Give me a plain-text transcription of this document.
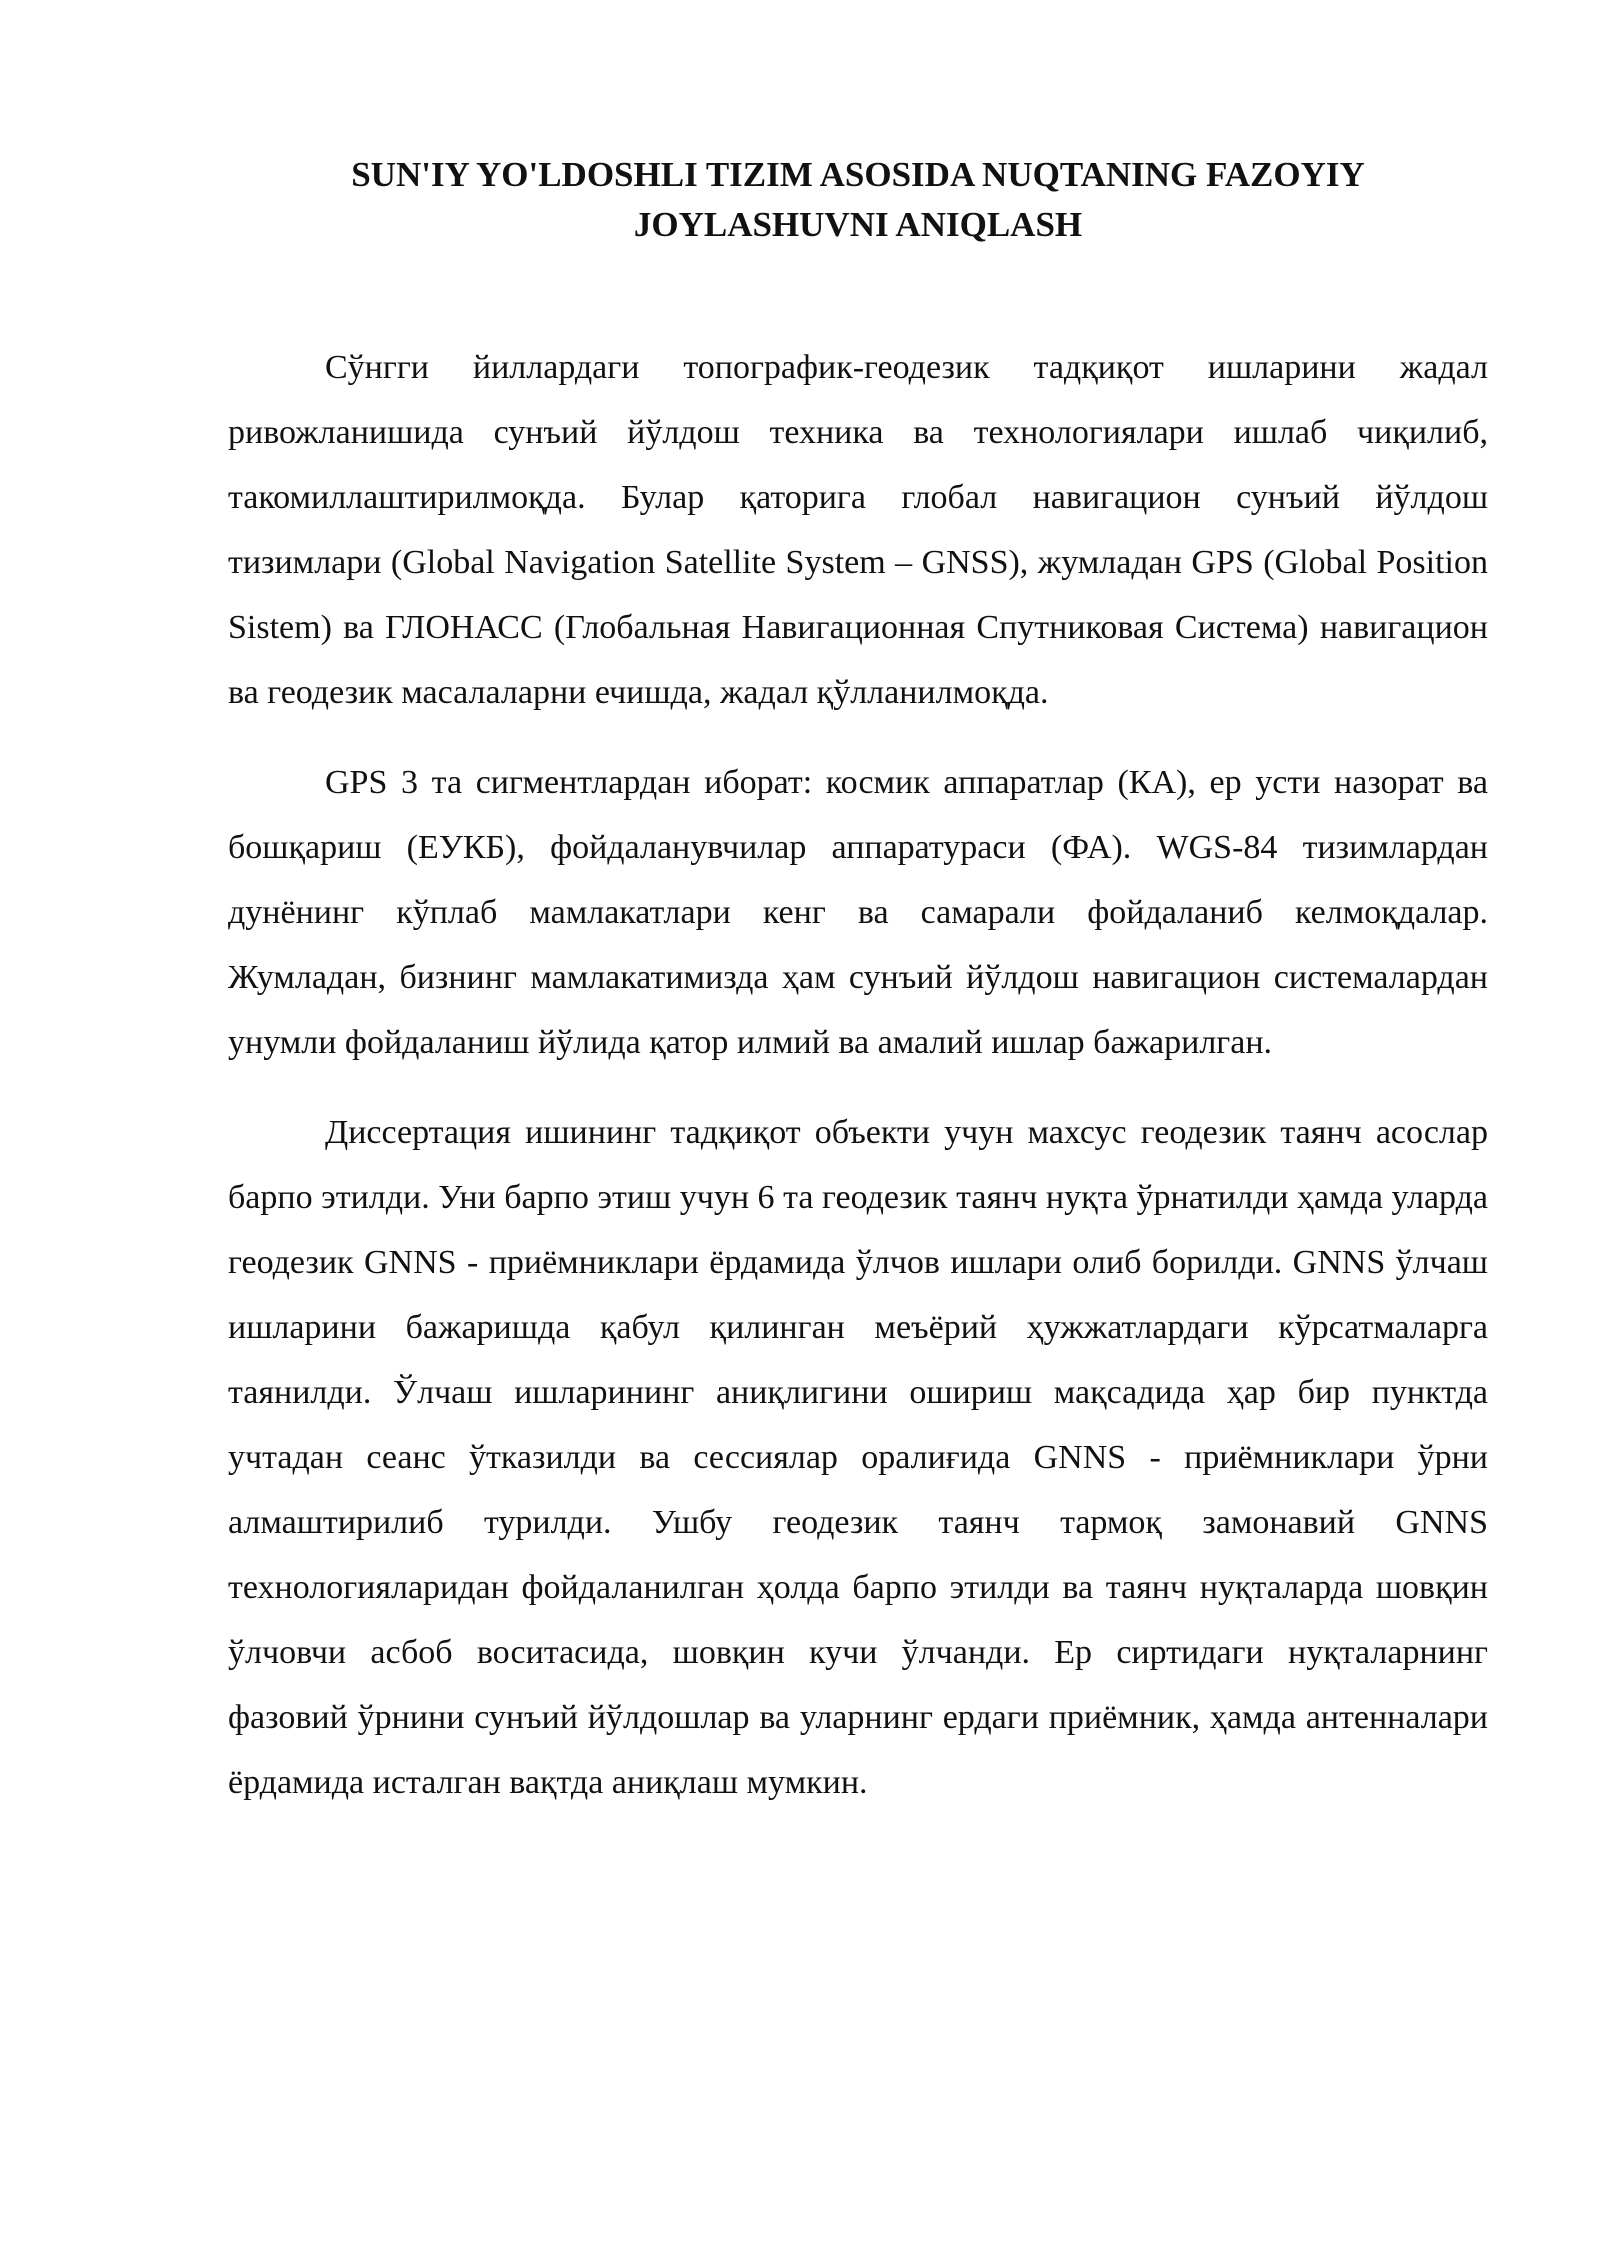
SUN'IY YO'LDOSHLI TIZIM ASOSIDA NUQTANING FAZOYIY
JOYLASHUVNI ANIQLASH

Сўнгги йиллардаги топографик-геодезик тадқиқот ишларини жадал ривожланишида сунъий йўлдош техника ва технологиялари ишлаб чиқилиб, такомиллаштирилмоқда. Булар қаторига глобал навигацион сунъий йўлдош тизимлари (Global Navigation Satellite System – GNSS), жумладан GPS (Global Position Sistem) ва ГЛОНАСС (Глобальная Навигационная Спутниковая Система) навигацион ва геодезик масалаларни ечишда, жадал қўлланилмоқда.

GPS 3 та сигментлардан иборат: космик аппаратлар (КА), ер усти назорат ва бошқариш (ЕУКБ), фойдаланувчилар аппаратураси (ФА). WGS-84 тизимлардан дунёнинг кўплаб мамлакатлари кенг ва самарали фойдаланиб келмоқдалар. Жумладан, бизнинг мамлакатимизда ҳам сунъий йўлдош навигацион системалардан унумли фойдаланиш йўлида қатор илмий ва амалий ишлар бажарилган.

Диссертация ишининг тадқиқот объекти учун махсус геодезик таянч асослар барпо этилди. Уни барпо этиш учун 6 та геодезик таянч нуқта ўрнатилди ҳамда уларда геодезик GNNS - приёмниклари ёрдамида ўлчов ишлари олиб борилди. GNNS ўлчаш ишларини бажаришда қабул қилинган меъёрий ҳужжатлардаги кўрсатмаларга таянилди. Ўлчаш ишларининг аниқлигини ошириш мақсадида ҳар бир пунктда учтадан сеанс ўтказилди ва сессиялар оралиғида GNNS - приёмниклари ўрни алмаштирилиб турилди. Ушбу геодезик таянч тармоқ замонавий GNNS технологияларидан фойдаланилган ҳолда барпо этилди ва таянч нуқталарда шовқин ўлчовчи асбоб воситасида, шовқин кучи ўлчанди. Ер сиртидаги нуқталарнинг фазовий ўрнини сунъий йўлдошлар ва уларнинг ердаги приёмник, ҳамда антенналари ёрдамида исталган вақтда аниқлаш мумкин.
